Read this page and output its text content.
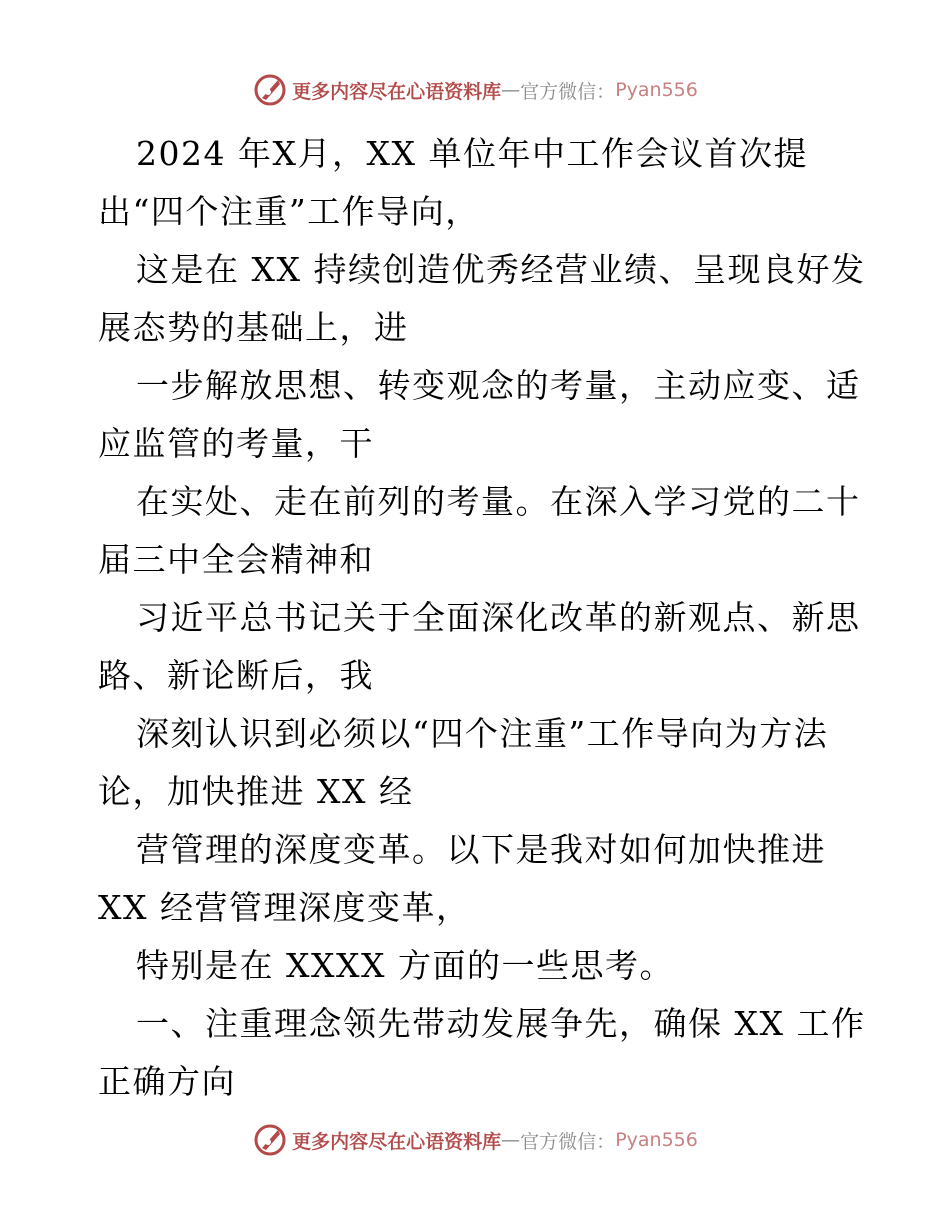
更多内容尽在心语资料库 — 官方微信： Pyan556
2024 年X月，XX 单位年中工作会议首次提
出“四个注重”工作导向，
这是在 XX 持续创造优秀经营业绩、呈现良好发
展态势的基础上，进
一步解放思想、转变观念的考量，主动应变、适
应监管的考量，干
在实处、走在前列的考量。在深入学习党的二十
届三中全会精神和
习近平总书记关于全面深化改革的新观点、新思
路、新论断后，我
深刻认识到必须以“四个注重”工作导向为方法
论，加快推进 XX 经
营管理的深度变革。以下是我对如何加快推进
XX 经营管理深度变革，
特别是在 XXXX 方面的一些思考。
一、注重理念领先带动发展争先，确保 XX 工作
正确方向
更多内容尽在心语资料库 — 官方微信： Pyan556
